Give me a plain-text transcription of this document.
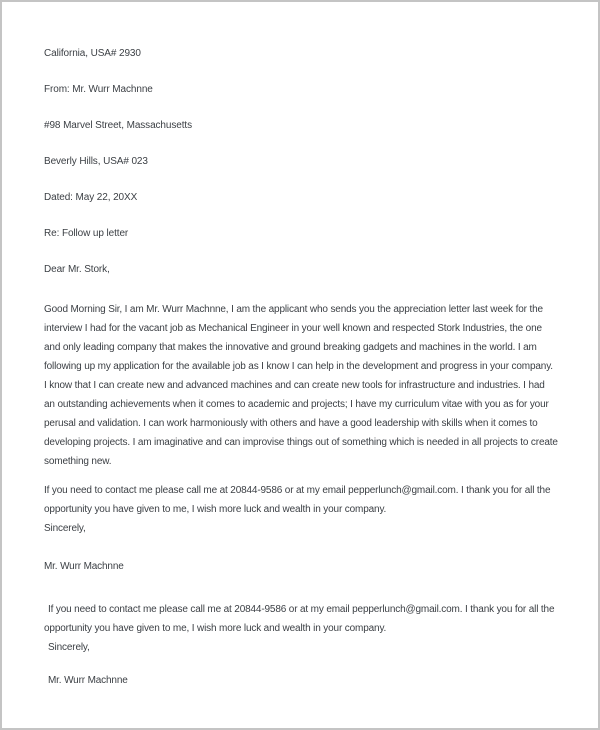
California, USA# 2930

From: Mr. Wurr Machnne

#98 Marvel Street, Massachusetts

Beverly Hills, USA# 023

Dated: May 22, 20XX

Re: Follow up letter

Dear Mr. Stork,

Good Morning Sir, I am Mr. Wurr Machnne, I am the applicant who sends you the appreciation letter last week for the interview I had for the vacant job as Mechanical Engineer in your well known and respected Stork Industries, the one and only leading company that makes the innovative and ground breaking gadgets and machines in the world. I am following up my application for the available job as I know I can help in the development and progress in your company. I know that I can create new and advanced machines and can create new tools for infrastructure and industries. I had an outstanding achievements when it comes to academic and projects; I have my curriculum vitae with you as for your perusal and validation. I can work harmoniously with others and have a good leadership with skills when it comes to developing projects. I am imaginative and can improvise things out of something which is needed in all projects to create something new.

If you need to contact me please call me at 20844-9586 or at my email pepperlunch@gmail.com. I thank you for all the opportunity you have given to me, I wish more luck and wealth in your company.

Sincerely,

Mr. Wurr Machnne

If you need to contact me please call me at 20844-9586 or at my email pepperlunch@gmail.com. I thank you for all the opportunity you have given to me, I wish more luck and wealth in your company.

Sincerely,

Mr. Wurr Machnne
